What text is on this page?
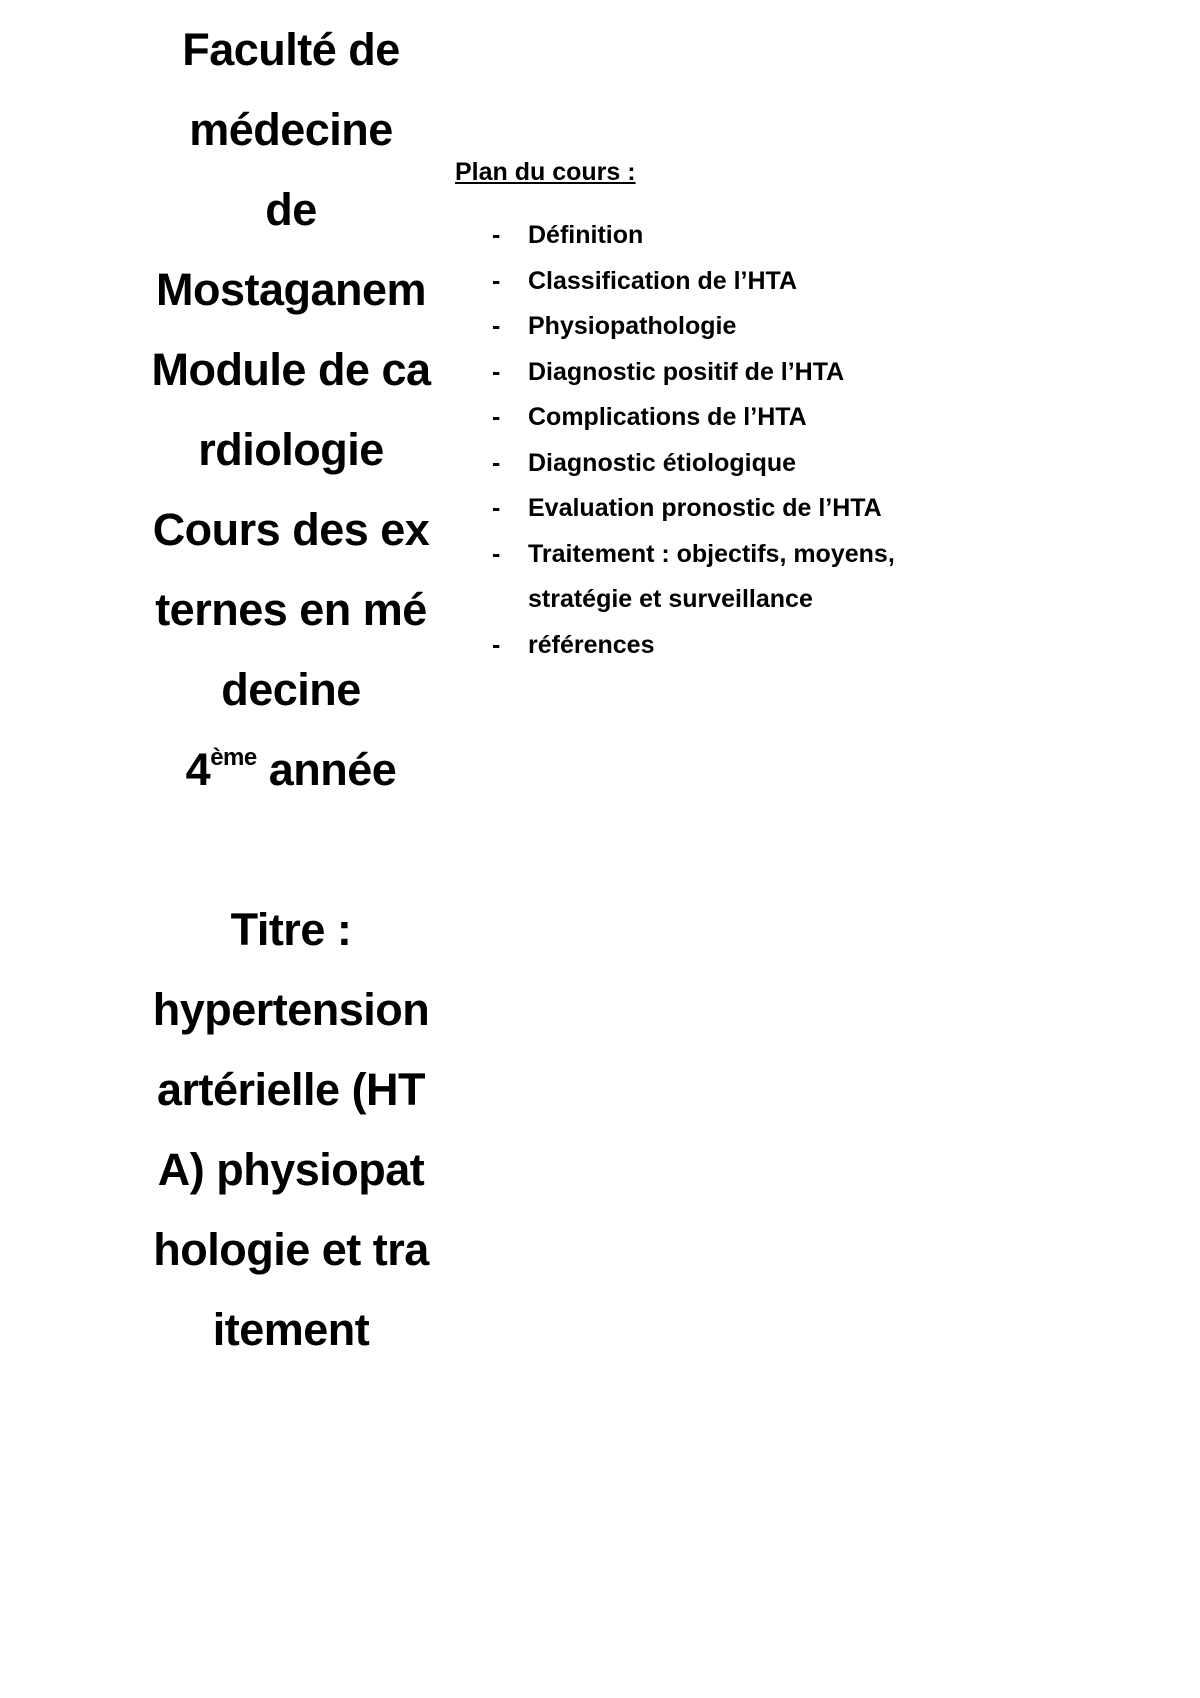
Faculté de
médecine
de
Mostaganem
Module de cardiologie
Cours des externes en médecine
4ème année
Titre :
hypertension artérielle (HTA) physiopathologie et traitement
Plan du cours :
- Définition
- Classification de l’HTA
- Physiopathologie
- Diagnostic positif de l’HTA
- Complications de l’HTA
- Diagnostic étiologique
- Evaluation pronostic de l’HTA
- Traitement : objectifs, moyens, stratégie et surveillance
- références
